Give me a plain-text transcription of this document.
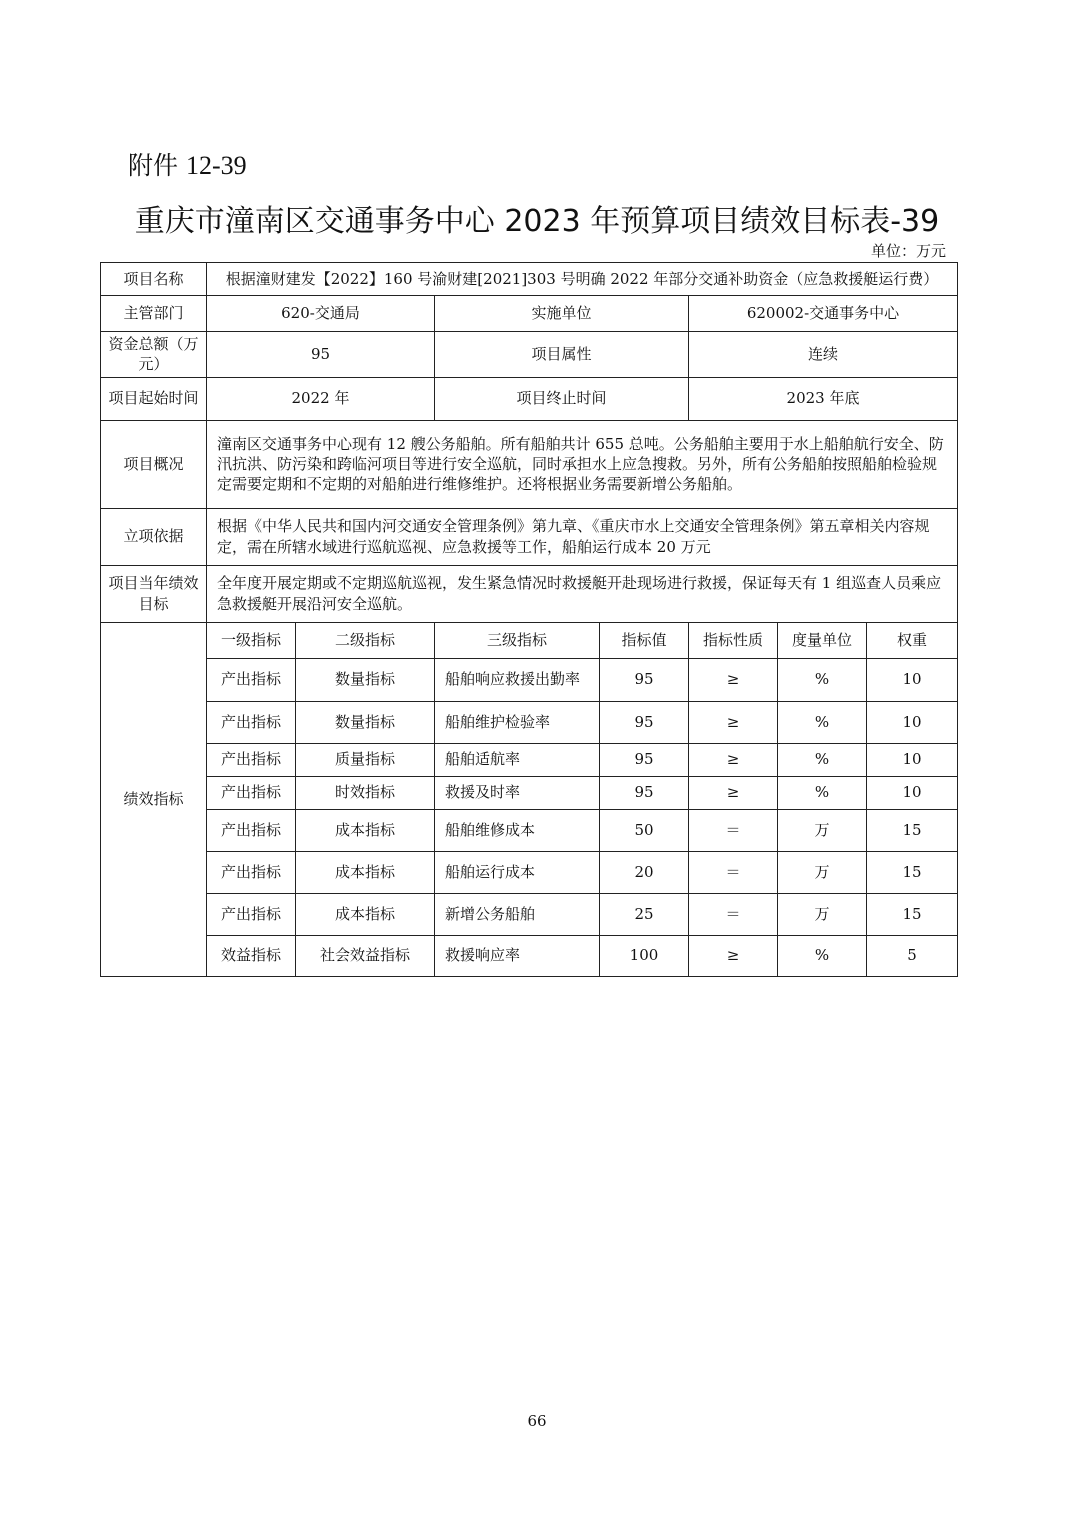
附件 12-39
重庆市潼南区交通事务中心 2023 年预算项目绩效目标表-39
单位：万元
项目名称	根据潼财建发【2022】160 号渝财建[2021]303 号明确 2022 年部分交通补助资金（应急救援艇运行费）						
主管部门	620-交通局		实施单位		620002-交通事务中心		
资金总额（万元）	95		项目属性		连续		
项目起始时间	2022 年		项目终止时间		2023 年底		
项目概况	潼南区交通事务中心现有 12 艘公务船舶。所有船舶共计 655 总吨。公务船舶主要用于水上船舶航行安全、防汛抗洪、防污染和跨临河项目等进行安全巡航，同时承担水上应急搜救。另外，所有公务船舶按照船舶检验规定需要定期和不定期的对船舶进行维修维护。还将根据业务需要新增公务船舶。						
立项依据	根据《中华人民共和国内河交通安全管理条例》第九章、《重庆市水上交通安全管理条例》第五章相关内容规定，需在所辖水域进行巡航巡视、应急救援等工作，船舶运行成本 20 万元						
项目当年绩效目标	全年度开展定期或不定期巡航巡视，发生紧急情况时救援艇开赴现场进行救援，保证每天有 1 组巡查人员乘应急救援艇开展沿河安全巡航。						
绩效指标	一级指标	二级指标	三级指标	指标值	指标性质	度量单位	权重
	产出指标	数量指标	船舶响应救援出勤率	95	≥	%	10
	产出指标	数量指标	船舶维护检验率	95	≥	%	10
	产出指标	质量指标	船舶适航率	95	≥	%	10
	产出指标	时效指标	救援及时率	95	≥	%	10
	产出指标	成本指标	船舶维修成本	50	＝	万	15
	产出指标	成本指标	船舶运行成本	20	＝	万	15
	产出指标	成本指标	新增公务船舶	25	＝	万	15
	效益指标	社会效益指标	救援响应率	100	≥	%	5
66
